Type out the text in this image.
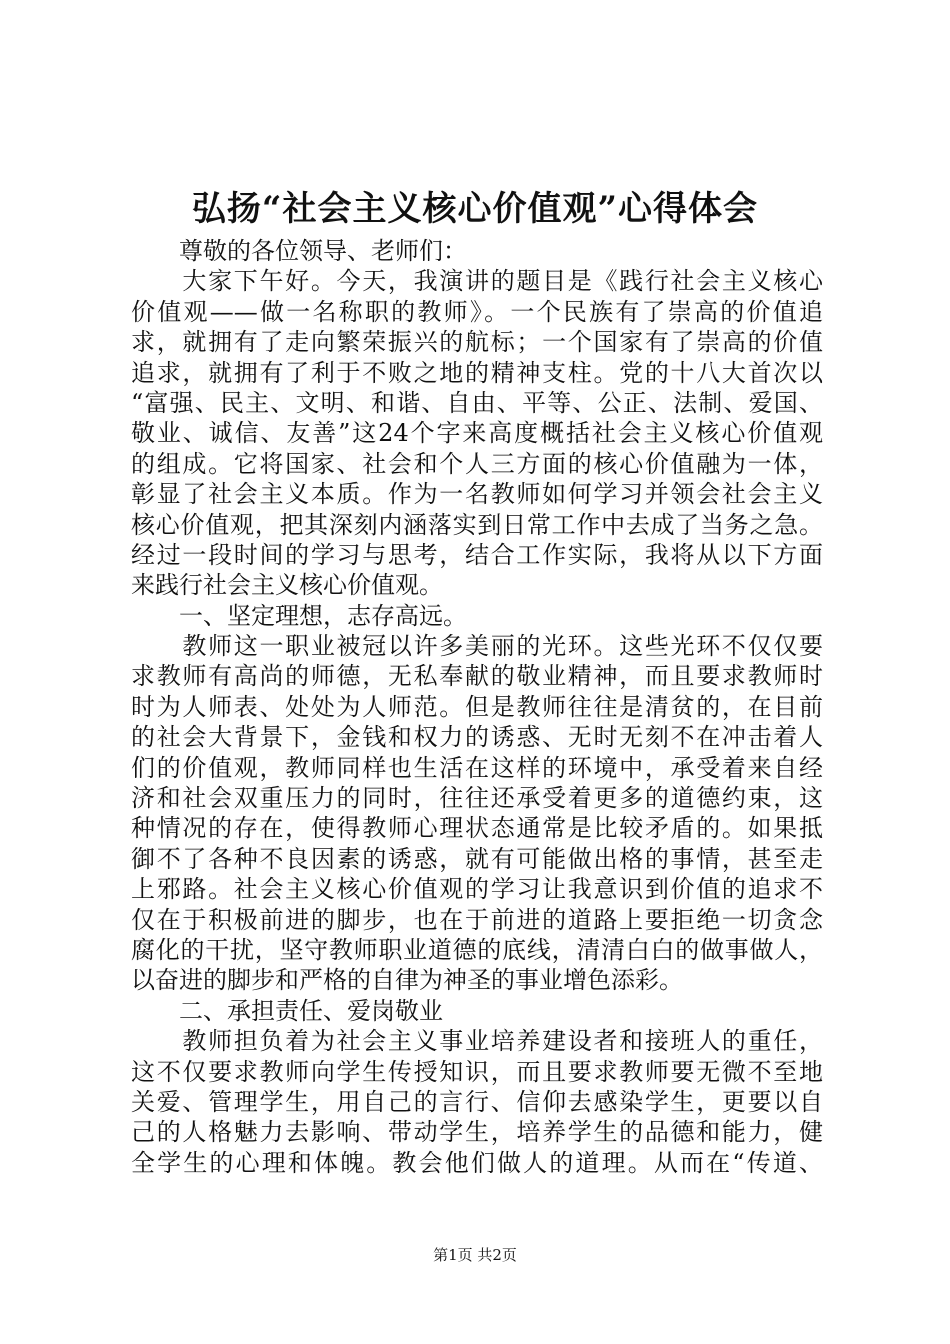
弘扬“社会主义核心价值观”心得体会
　　尊敬的各位领导、老师们：
　　大家下午好。今天，我演讲的题目是《践行社会主义核心
价值观——做一名称职的教师》。一个民族有了崇高的价值追
求，就拥有了走向繁荣振兴的航标；一个国家有了崇高的价值
追求，就拥有了利于不败之地的精神支柱。党的十八大首次以
“富强、民主、文明、和谐、自由、平等、公正、法制、爱国、
敬业、诚信、友善”这24个字来高度概括社会主义核心价值观
的组成。它将国家、社会和个人三方面的核心价值融为一体，
彰显了社会主义本质。作为一名教师如何学习并领会社会主义
核心价值观，把其深刻内涵落实到日常工作中去成了当务之急。
经过一段时间的学习与思考，结合工作实际，我将从以下方面
来践行社会主义核心价值观。
　　一、坚定理想，志存高远。
　　教师这一职业被冠以许多美丽的光环。这些光环不仅仅要
求教师有高尚的师德，无私奉献的敬业精神，而且要求教师时
时为人师表、处处为人师范。但是教师往往是清贫的，在目前
的社会大背景下，金钱和权力的诱惑、无时无刻不在冲击着人
们的价值观，教师同样也生活在这样的环境中，承受着来自经
济和社会双重压力的同时，往往还承受着更多的道德约束，这
种情况的存在，使得教师心理状态通常是比较矛盾的。如果抵
御不了各种不良因素的诱惑，就有可能做出格的事情，甚至走
上邪路。社会主义核心价值观的学习让我意识到价值的追求不
仅在于积极前进的脚步，也在于前进的道路上要拒绝一切贪念
腐化的干扰，坚守教师职业道德的底线，清清白白的做事做人，
以奋进的脚步和严格的自律为神圣的事业增色添彩。
　　二、承担责任、爱岗敬业
　　教师担负着为社会主义事业培养建设者和接班人的重任，
这不仅要求教师向学生传授知识，而且要求教师要无微不至地
关爱、管理学生，用自己的言行、信仰去感染学生，更要以自
己的人格魅力去影响、带动学生，培养学生的品德和能力，健
全学生的心理和体魄。教会他们做人的道理。从而在“传道、
第1页 共2页
